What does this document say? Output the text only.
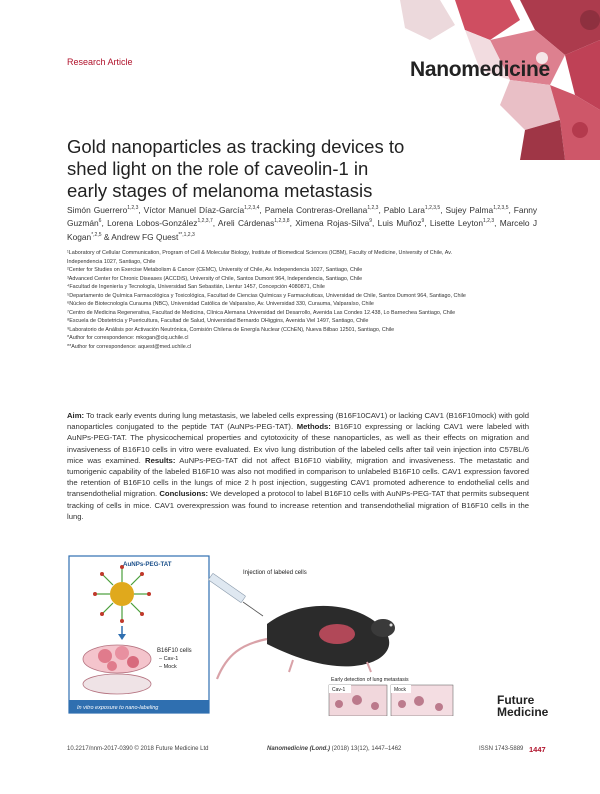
Research Article	Nanomedicine
Gold nanoparticles as tracking devices to shed light on the role of caveolin-1 in early stages of melanoma metastasis
Simón Guerrero$^{1,2,3}$, Víctor Manuel Díaz-García$^{1,2,3,4}$, Pamela Contreras-Orellana$^{1,2,3}$, Pablo Lara$^{1,2,3,5}$, Sujey Palma$^{1,2,3,5}$, Fanny Guzmán$^6$, Lorena Lobos-González$^{1,2,3,7}$, Areli Cárdenas$^{1,2,3,8}$, Ximena Rojas-Silva$^9$, Luis Muñoz$^9$, Lisette Leyton$^{1,2,3}$, Marcelo J Kogan$^{*,2,5}$ & Andrew FG Quest$^{**,1,2,3}$
¹Laboratory of Cellular Communication, Program of Cell & Molecular Biology, Institute of Biomedical Sciences (ICBM), Faculty of Medicine, University of Chile, Av. Independencia 1027, Santiago, Chile
²Center for Studies on Exercise Metabolism & Cancer (CEMC), University of Chile, Av. Independencia 1027, Santiago, Chile
³Advanced Center for Chronic Diseases (ACCDiS), University of Chile, Santos Dumont 964, Independencia, Santiago, Chile
⁴Facultad de Ingeniería y Tecnología, Universidad San Sebastián, Lientur 1457, Concepción 4080871, Chile
⁵Departamento de Química Farmacológica y Toxicológica, Facultad de Ciencias Químicas y Farmacéuticas, Universidad de Chile, Santos Dumont 964, Santiago, Chile
⁶Núcleo de Biotecnología Curauma (NBC), Universidad Católica de Valparaíso, Av. Universidad 330, Curauma, Valparaíso, Chile
⁷Centro de Medicina Regenerativa, Facultad de Medicina, Clínica Alemana Universidad del Desarrollo, Avenida Las Condes 12.438, Lo Barnechea Santiago, Chile
⁸Escuela de Obstetricia y Puericultura, Facultad de Salud, Universidad Bernardo OHiggins, Avenida Viel 1497, Santiago, Chile
⁹Laboratorio de Análisis por Activación Neutrónica, Comisión Chilena de Energía Nuclear (CChEN), Nueva Bilbao 12501, Santiago, Chile
*Author for correspondence: mkogan@ciq.uchile.cl
**Author for correspondence: aquest@med.uchile.cl
Aim: To track early events during lung metastasis, we labeled cells expressing (B16F10CAV1) or lacking CAV1 (B16F10mock) with gold nanoparticles conjugated to the peptide TAT (AuNPs-PEG-TAT). Methods: B16F10 expressing or lacking CAV1 were labeled with AuNPs-PEG-TAT. The physicochemical properties and cytotoxicity of these nanoparticles, as well as their effects on migration and invasiveness of B16F10 cells in vitro were evaluated. Ex vivo lung distribution of the labeled cells after tail vein injection into C57BL/6 mice was examined. Results: AuNPs-PEG-TAT did not affect B16F10 viability, migration and invasiveness. The metastatic and tumorigenic capability of the labeled B16F10 was also not modified in comparison to unlabeled B16F10 cells. CAV1 expression favored the retention of B16F10 cells in the lungs of mice 2 h post injection, suggesting CAV1 promoted adherence to endothelial cells and transendothelial migration. Conclusions: We developed a protocol to label B16F10 cells with AuNPs-PEG-TAT that permits subsequent tracking of cells in mice. CAV1 overexpression was found to increase retention and transendothelial migration of B16F10 cells in the lung.
AuNPs-PEG-TAT
B16F10 cells
– Cav-1
– Mock
In vitro exposure to nano-labeling
Injection of labeled cells
Early detection of lung metastasis
Cav-1	Mock
Future
Medicine
10.2217/nnm-2017-0390 © 2018 Future Medicine Ltd	Nanomedicine (Lond.) (2018) 13(12), 1447–1462	ISSN 1743-5889 1447
